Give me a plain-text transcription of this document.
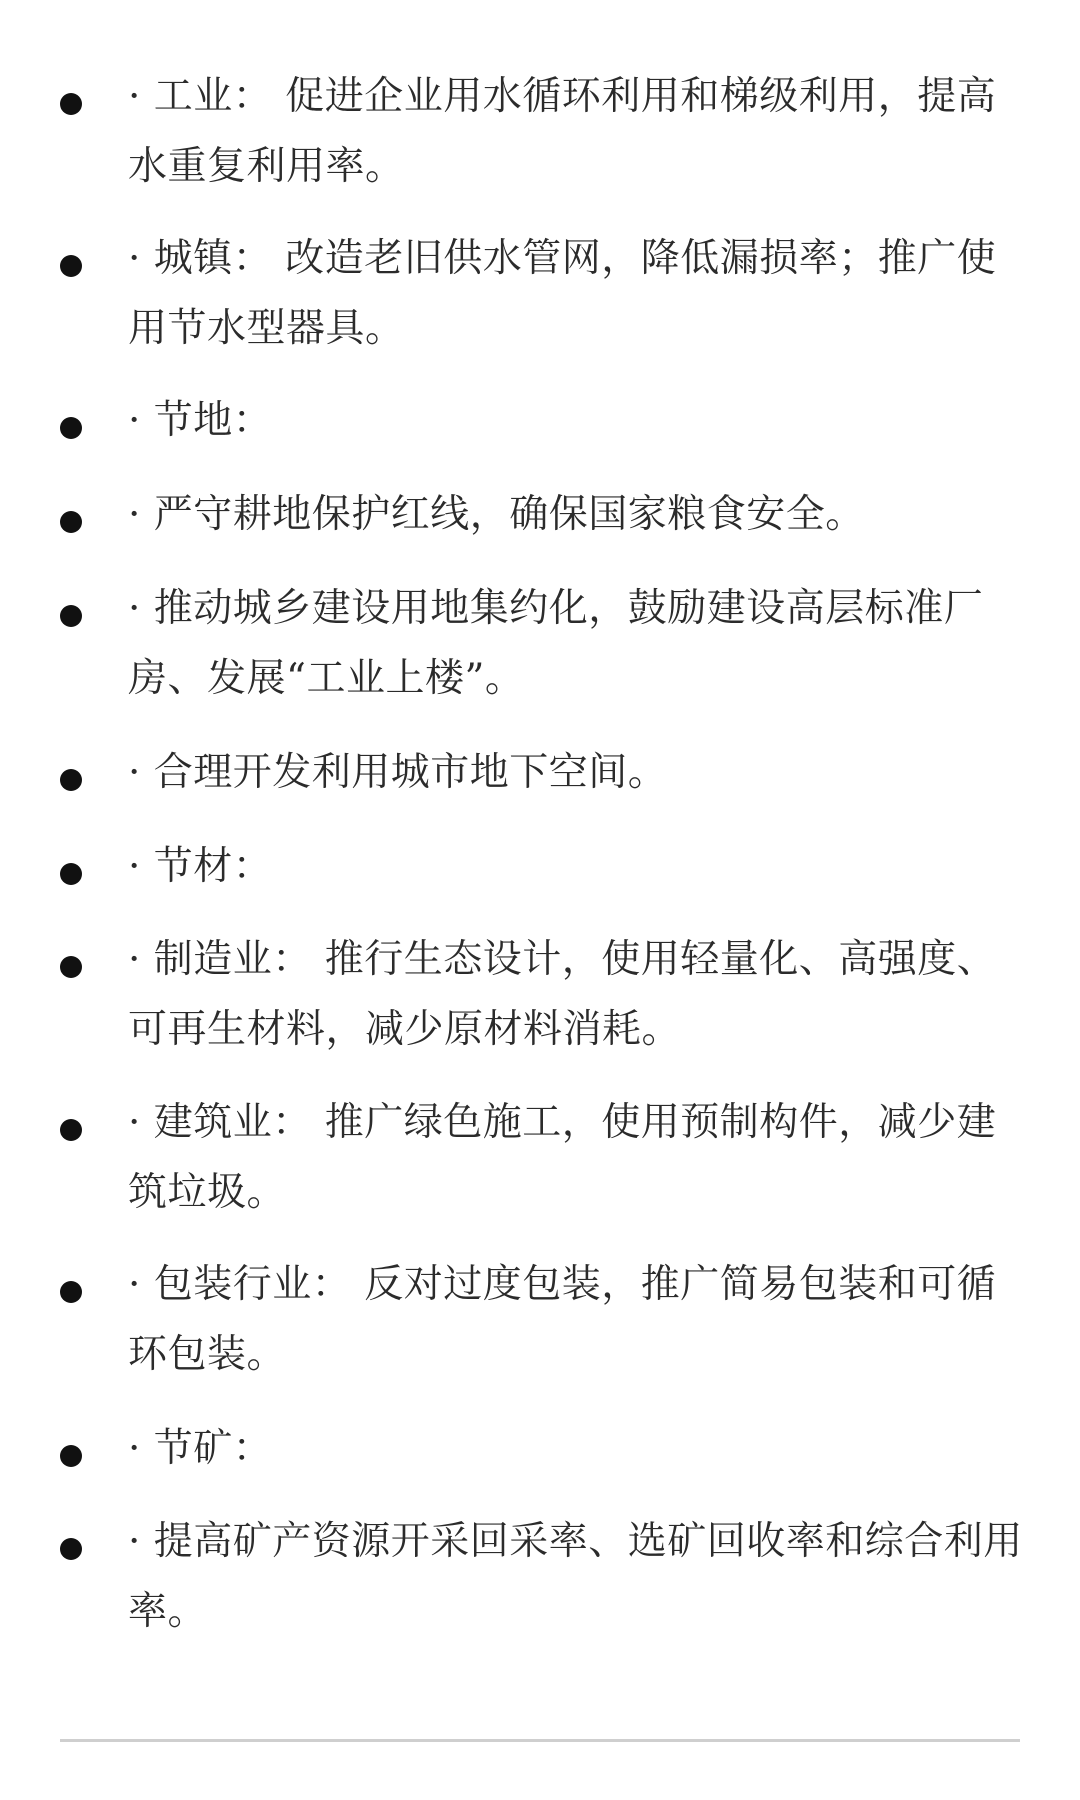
· 工业： 促进企业用水循环利用和梯级利用，提高水重复利用率。
· 城镇： 改造老旧供水管网，降低漏损率；推广使用节水型器具。
· 节地：
· 严守耕地保护红线，确保国家粮食安全。
· 推动城乡建设用地集约化，鼓励建设高层标准厂房、发展“工业上楼”。
· 合理开发利用城市地下空间。
· 节材：
· 制造业： 推行生态设计，使用轻量化、高强度、可再生材料，减少原材料消耗。
· 建筑业： 推广绿色施工，使用预制构件，减少建筑垃圾。
· 包装行业： 反对过度包装，推广简易包装和可循环包装。
· 节矿：
· 提高矿产资源开采回采率、选矿回收率和综合利用率。
